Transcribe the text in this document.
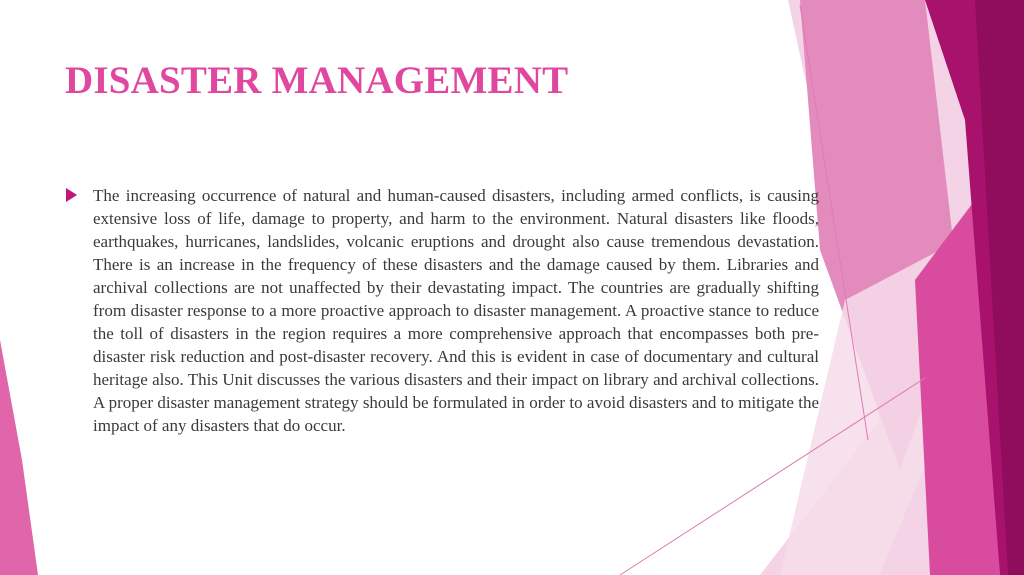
DISASTER MANAGEMENT

The increasing occurrence of natural and human-caused disasters, including armed conflicts, is causing extensive loss of life, damage to property, and harm to the environment. Natural disasters like floods, earthquakes, hurricanes, landslides, volcanic eruptions and drought also cause tremendous devastation. There is an increase in the frequency of these disasters and the damage caused by them. Libraries and archival collections are not unaffected by their devastating impact. The countries are gradually shifting from disaster response to a more proactive approach to disaster management. A proactive stance to reduce the toll of disasters in the region requires a more comprehensive approach that encompasses both pre-disaster risk reduction and post-disaster recovery. And this is evident in case of documentary and cultural heritage also. This Unit discusses the various disasters and their impact on library and archival collections. A proper disaster management strategy should be formulated in order to avoid disasters and to mitigate the impact of any disasters that do occur.
